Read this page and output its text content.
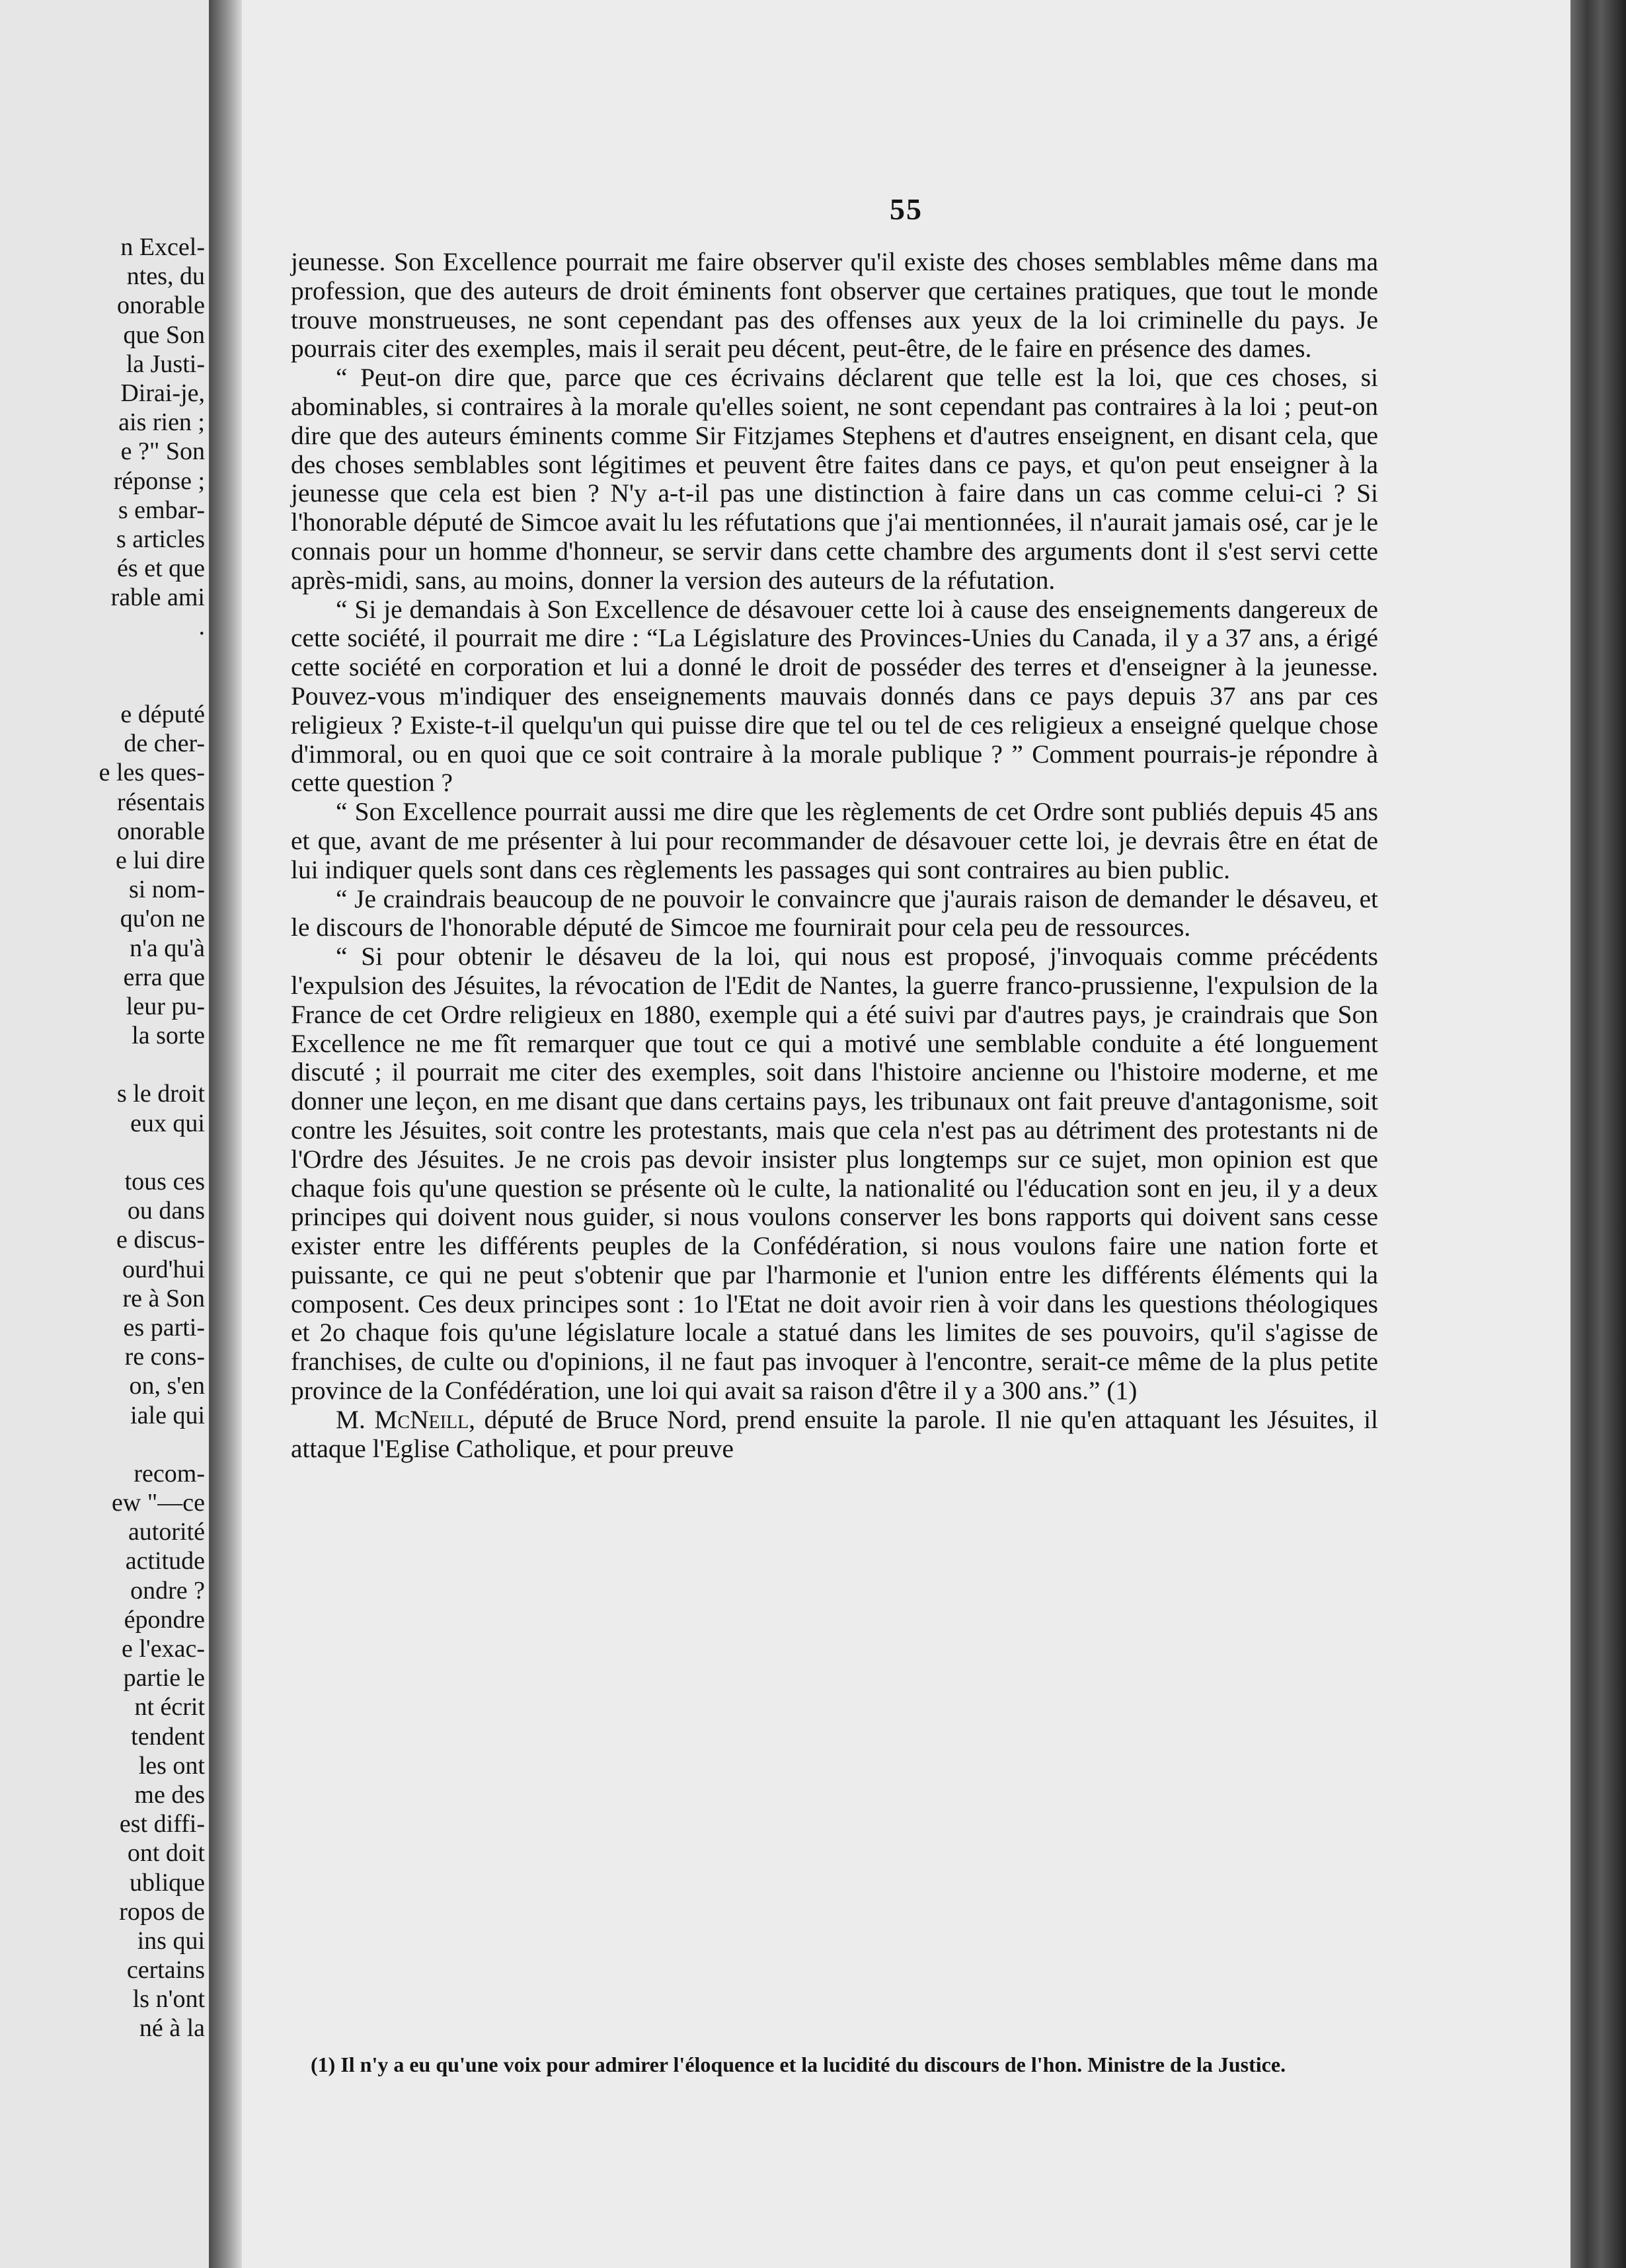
n Excel-
ntes, du
onorable
que Son
la Justi-
Dirai-je,
ais rien ;
e ?" Son
réponse ;
s embar-
s articles
és et que
rable ami
.
e député
de cher-
e les ques-
résentais
onorable
e lui dire
si nom-
qu'on ne
n'a qu'à
erra que
leur pu-
la sorte
s le droit
eux qui
tous ces
ou dans
e discus-
ourd'hui
re à Son
es parti-
re cons-
on, s'en
iale qui
recom-
ew "—ce
autorité
actitude
ondre ?
épondre
e l'exac-
partie le
nt écrit
tendent
les ont
me des
est diffi-
ont doit
ublique
ropos de
ins qui
certains
ls n'ont
né à la
55

jeunesse. Son Excellence pourrait me faire observer qu'il existe des choses semblables même dans ma profession, que des auteurs de droit éminents font observer que certaines pratiques, que tout le monde trouve monstrueuses, ne sont cependant pas des offenses aux yeux de la loi criminelle du pays. Je pourrais citer des exemples, mais il serait peu décent, peut-être, de le faire en présence des dames.

“ Peut-on dire que, parce que ces écrivains déclarent que telle est la loi, que ces choses, si abominables, si contraires à la morale qu'elles soient, ne sont cependant pas contraires à la loi ; peut-on dire que des auteurs éminents comme Sir Fitzjames Stephens et d'autres enseignent, en disant cela, que des choses semblables sont légitimes et peuvent être faites dans ce pays, et qu'on peut enseigner à la jeunesse que cela est bien ? N'y a-t-il pas une distinction à faire dans un cas comme celui-ci ? Si l'honorable député de Simcoe avait lu les réfutations que j'ai mentionnées, il n'aurait jamais osé, car je le connais pour un homme d'honneur, se servir dans cette chambre des arguments dont il s'est servi cette après-midi, sans, au moins, donner la version des auteurs de la réfutation.

“ Si je demandais à Son Excellence de désavouer cette loi à cause des enseignements dangereux de cette société, il pourrait me dire : “La Législature des Provinces-Unies du Canada, il y a 37 ans, a érigé cette société en corporation et lui a donné le droit de posséder des terres et d'enseigner à la jeunesse. Pouvez-vous m'indiquer des enseignements mauvais donnés dans ce pays depuis 37 ans par ces religieux ? Existe-t-il quelqu'un qui puisse dire que tel ou tel de ces religieux a enseigné quelque chose d'immoral, ou en quoi que ce soit contraire à la morale publique ? ” Comment pourrais-je répondre à cette question ?

“ Son Excellence pourrait aussi me dire que les règlements de cet Ordre sont publiés depuis 45 ans et que, avant de me présenter à lui pour recommander de désavouer cette loi, je devrais être en état de lui indiquer quels sont dans ces règlements les passages qui sont contraires au bien public.

“ Je craindrais beaucoup de ne pouvoir le convaincre que j'aurais raison de demander le désaveu, et le discours de l'honorable député de Simcoe me fournirait pour cela peu de ressources.

“ Si pour obtenir le désaveu de la loi, qui nous est proposé, j'invoquais comme précédents l'expulsion des Jésuites, la révocation de l'Edit de Nantes, la guerre franco-prussienne, l'expulsion de la France de cet Ordre religieux en 1880, exemple qui a été suivi par d'autres pays, je craindrais que Son Excellence ne me fît remarquer que tout ce qui a motivé une semblable conduite a été longuement discuté ; il pourrait me citer des exemples, soit dans l'histoire ancienne ou l'histoire moderne, et me donner une leçon, en me disant que dans certains pays, les tribunaux ont fait preuve d'antagonisme, soit contre les Jésuites, soit contre les protestants, mais que cela n'est pas au détriment des protestants ni de l'Ordre des Jésuites. Je ne crois pas devoir insister plus longtemps sur ce sujet, mon opinion est que chaque fois qu'une question se présente où le culte, la nationalité ou l'éducation sont en jeu, il y a deux principes qui doivent nous guider, si nous voulons conserver les bons rapports qui doivent sans cesse exister entre les différents peuples de la Confédération, si nous voulons faire une nation forte et puissante, ce qui ne peut s'obtenir que par l'harmonie et l'union entre les différents éléments qui la composent. Ces deux principes sont : 1o l'Etat ne doit avoir rien à voir dans les questions théologiques et 2o chaque fois qu'une législature locale a statué dans les limites de ses pouvoirs, qu'il s'agisse de franchises, de culte ou d'opinions, il ne faut pas invoquer à l'encontre, serait-ce même de la plus petite province de la Confédération, une loi qui avait sa raison d'être il y a 300 ans.” (1)

M. McNeill, député de Bruce Nord, prend ensuite la parole. Il nie qu'en attaquant les Jésuites, il attaque l'Eglise Catholique, et pour preuve

(1) Il n'y a eu qu'une voix pour admirer l'éloquence et la lucidité du discours de l'hon. Ministre de la Justice.
